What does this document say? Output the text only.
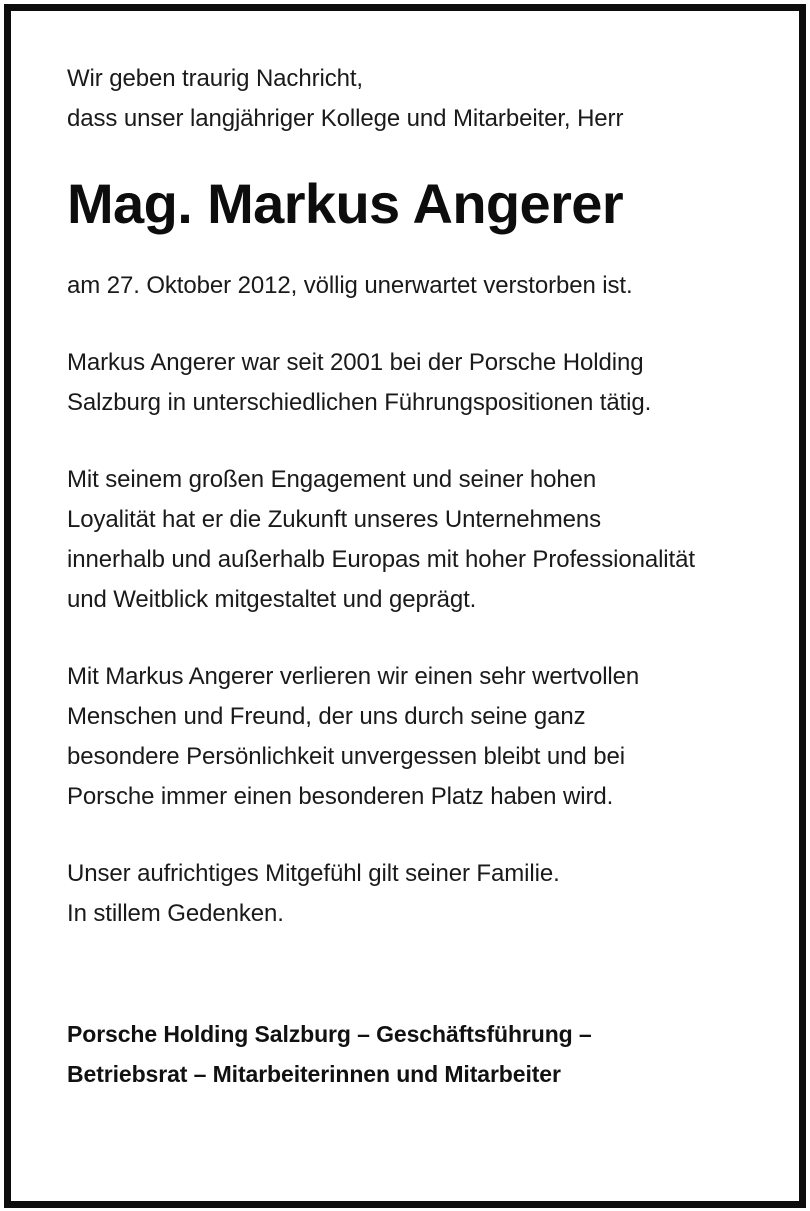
Wir geben traurig Nachricht,
dass unser langjähriger Kollege und Mitarbeiter, Herr

Mag. Markus Angerer

am 27. Oktober 2012, völlig unerwartet verstorben ist.

Markus Angerer war seit 2001 bei der Porsche Holding
Salzburg in unterschiedlichen Führungspositionen tätig.

Mit seinem großen Engagement und seiner hohen
Loyalität hat er die Zukunft unseres Unternehmens
innerhalb und außerhalb Europas mit hoher Professionalität
und Weitblick mitgestaltet und geprägt.

Mit Markus Angerer verlieren wir einen sehr wertvollen
Menschen und Freund, der uns durch seine ganz
besondere Persönlichkeit unvergessen bleibt und bei
Porsche immer einen besonderen Platz haben wird.

Unser aufrichtiges Mitgefühl gilt seiner Familie.
In stillem Gedenken.

Porsche Holding Salzburg – Geschäftsführung –
Betriebsrat – Mitarbeiterinnen und Mitarbeiter
